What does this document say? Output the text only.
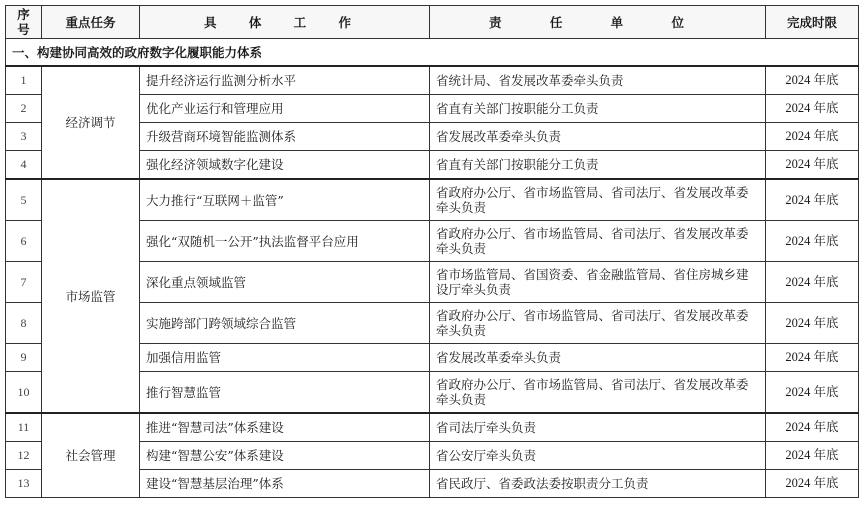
序号	重点任务	具 体 工 作	责 任 单 位	完成时限
一、构建协同高效的政府数字化履职能力体系				
1	经济调节	提升经济运行监测分析水平	省统计局、省发展改革委牵头负责	2024 年底
2		优化产业运行和管理应用	省直有关部门按职能分工负责	2024 年底
3		升级营商环境智能监测体系	省发展改革委牵头负责	2024 年底
4		强化经济领域数字化建设	省直有关部门按职能分工负责	2024 年底
5	市场监管	大力推行“互联网＋监管”	省政府办公厅、省市场监管局、省司法厅、省发展改革委牵头负责	2024 年底
6		强化“双随机一公开”执法监督平台应用	省政府办公厅、省市场监管局、省司法厅、省发展改革委牵头负责	2024 年底
7		深化重点领域监管	省市场监管局、省国资委、省金融监管局、省住房城乡建设厅牵头负责	2024 年底
8		实施跨部门跨领域综合监管	省政府办公厅、省市场监管局、省司法厅、省发展改革委牵头负责	2024 年底
9		加强信用监管	省发展改革委牵头负责	2024 年底
10		推行智慧监管	省政府办公厅、省市场监管局、省司法厅、省发展改革委牵头负责	2024 年底
11	社会管理	推进“智慧司法”体系建设	省司法厅牵头负责	2024 年底
12		构建“智慧公安”体系建设	省公安厅牵头负责	2024 年底
13		建设“智慧基层治理”体系	省民政厅、省委政法委按职责分工负责	2024 年底
